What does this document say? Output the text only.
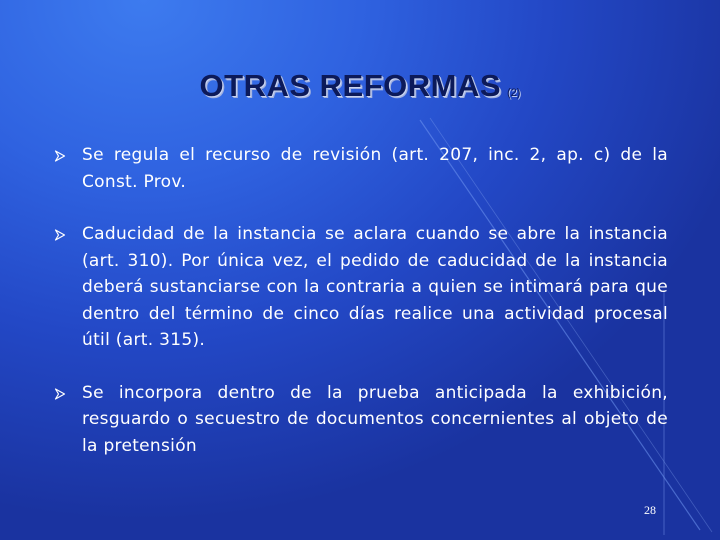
OTRAS REFORMAS (2)
Se regula el recurso de revisión (art. 207, inc. 2, ap. c) de la Const. Prov.
Caducidad de la instancia se aclara cuando se abre la instancia (art. 310). Por única vez, el pedido de caducidad de la instancia deberá sustanciarse con la contraria a quien se intimará para que dentro del término de cinco días realice una actividad procesal útil (art. 315).
Se incorpora dentro de la prueba anticipada la exhibición, resguardo o secuestro de documentos concernientes al objeto de la pretensión
28
